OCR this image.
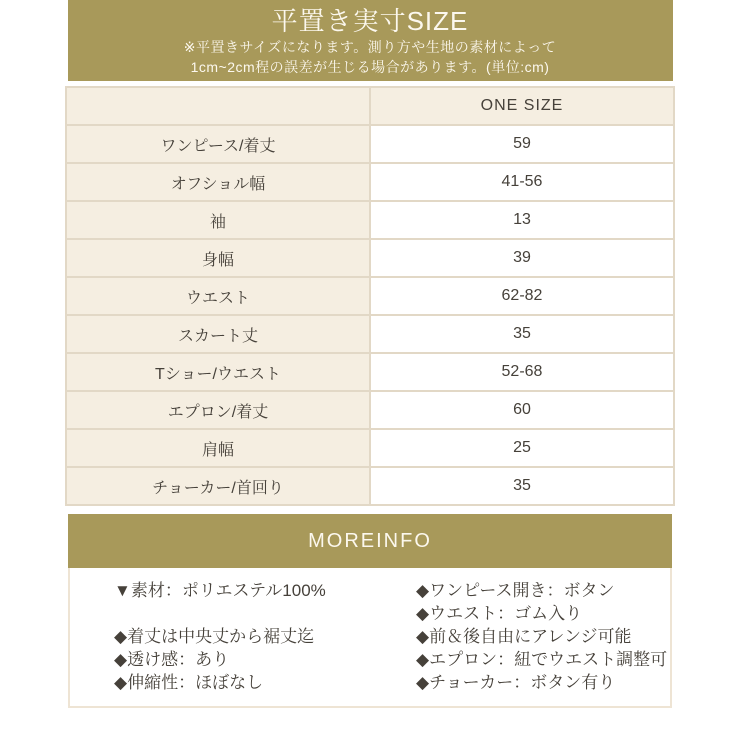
平置き実寸SIZE

※平置きサイズになります。測り方や生地の素材によって

1cm~2cm程の誤差が生じる場合があります。(単位:cm)

	ONE SIZE
ワンピース/着丈	59
オフショル幅	41-56
袖	13
身幅	39
ウエスト	62-82
スカート丈	35
Tショー/ウエスト	52-68
エプロン/着丈	60
肩幅	25
チョーカー/首回り	35
MOREINFO
▼素材：ポリエステル100%
◆着丈は中央丈から裾丈迄
◆透け感：あり
◆伸縮性：ほぼなし
◆ワンピース開き：ボタン
◆ウエスト：ゴム入り
◆前＆後自由にアレンジ可能
◆エプロン：紐でウエスト調整可
◆チョーカー：ボタン有り
